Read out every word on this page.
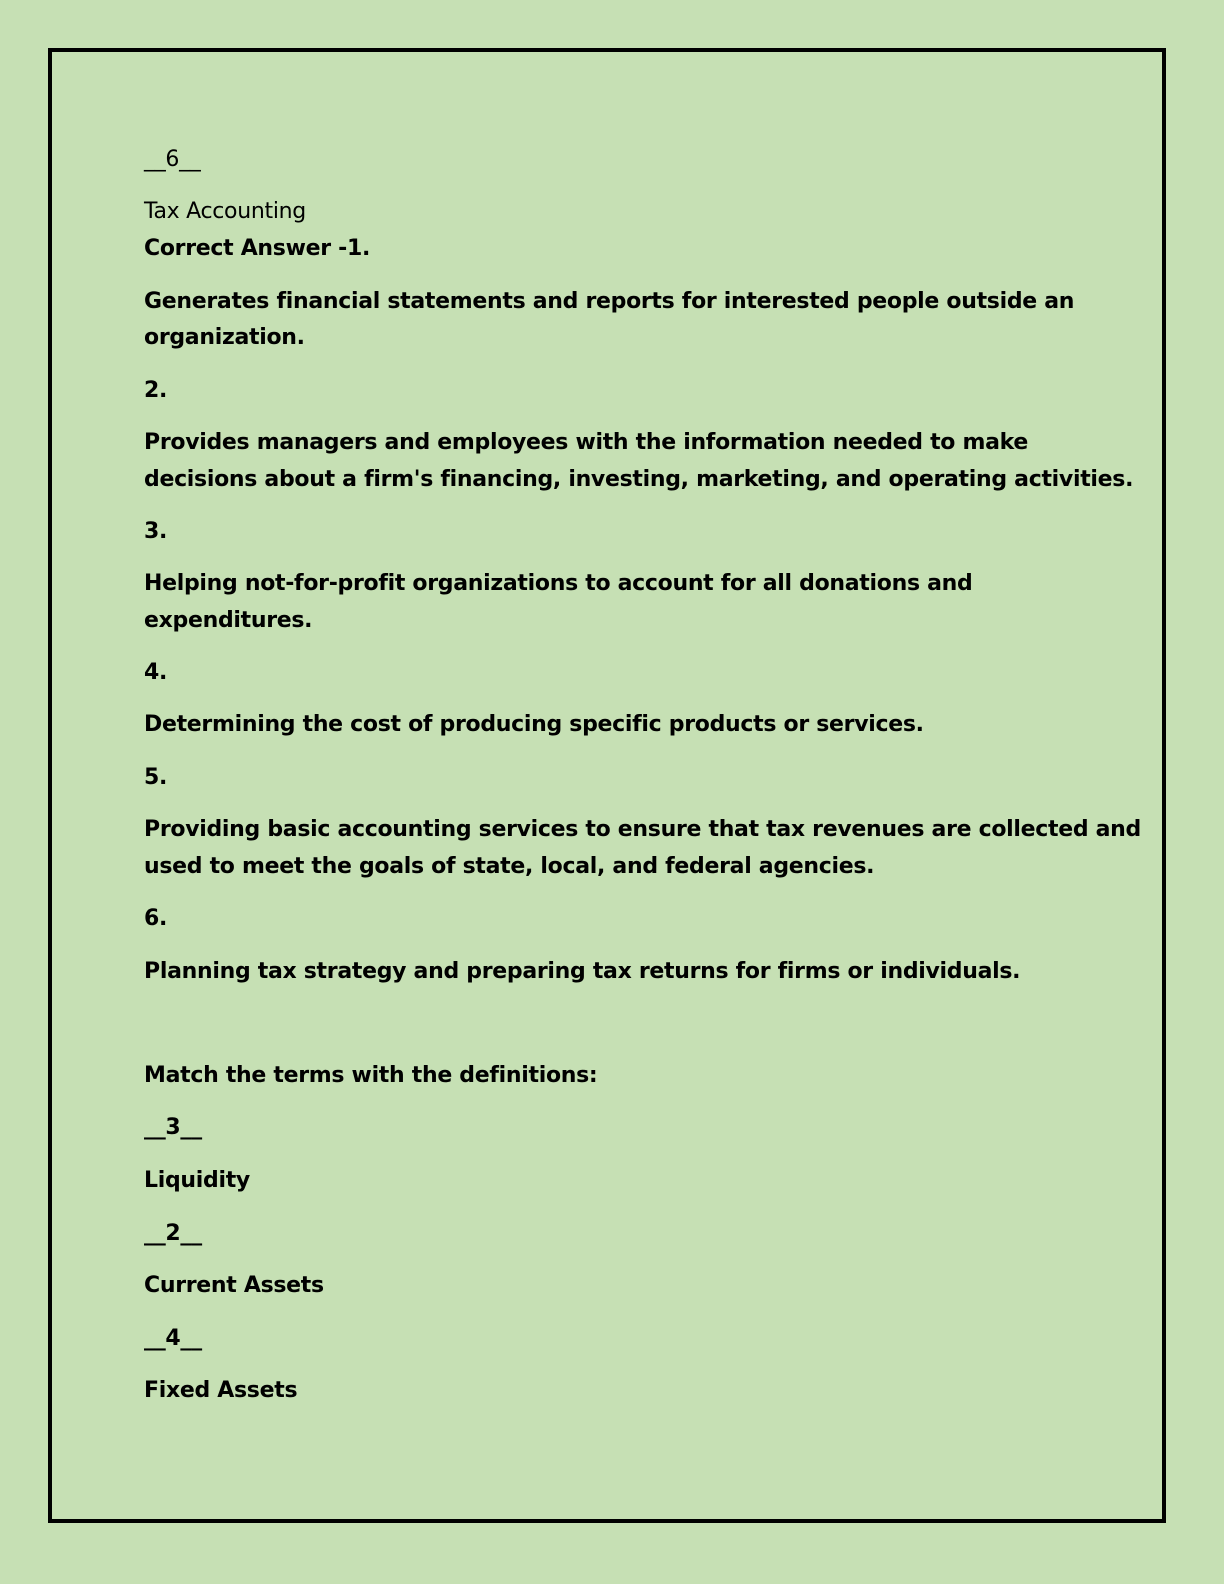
__6__
Tax Accounting
Correct Answer -1.
Generates financial statements and reports for interested people outside an
organization.
2.
Provides managers and employees with the information needed to make
decisions about a firm's financing, investing, marketing, and operating activities.
3.
Helping not-for-profit organizations to account for all donations and
expenditures.
4.
Determining the cost of producing specific products or services.
5.
Providing basic accounting services to ensure that tax revenues are collected and
used to meet the goals of state, local, and federal agencies.
6.
Planning tax strategy and preparing tax returns for firms or individuals.
Match the terms with the definitions:
__3__
Liquidity
__2__
Current Assets
__4__
Fixed Assets
